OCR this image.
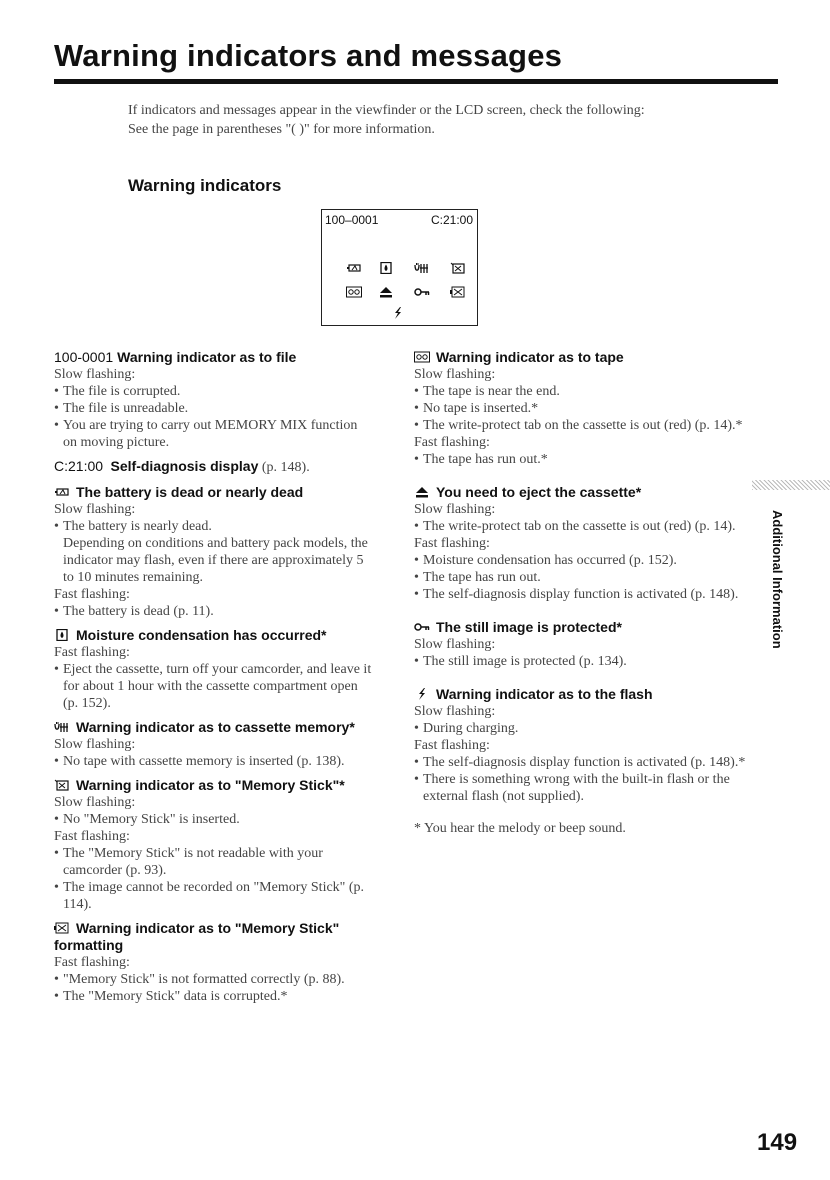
Warning indicators and messages

If indicators and messages appear in the viewfinder or the LCD screen, check the following:

See the page in parentheses "( )" for more information.

Warning indicators
100–0001	C:21:00
100-0001 Warning indicator as to file

Slow flashing:

• The file is corrupted.
• The file is unreadable.
• You are trying to carry out MEMORY MIX function on moving picture.
C:21:00 Self-diagnosis display (p. 148).
The battery is dead or nearly dead

Slow flashing:

• The battery is nearly dead.
Depending on conditions and battery pack models, the indicator may flash, even if there are approximately 5 to 10 minutes remaining.

Fast flashing:

• The battery is dead (p. 11).
Moisture condensation has occurred*

Fast flashing:

• Eject the cassette, turn off your camcorder, and leave it for about 1 hour with the cassette compartment open (p. 152).
Warning indicator as to cassette memory*

Slow flashing:

• No tape with cassette memory is inserted (p. 138).
Warning indicator as to "Memory Stick"*

Slow flashing:

• No "Memory Stick" is inserted.

Fast flashing:

• The "Memory Stick" is not readable with your camcorder (p. 93).
• The image cannot be recorded on "Memory Stick" (p. 114).
Warning indicator as to "Memory Stick" formatting

Fast flashing:

• "Memory Stick" is not formatted correctly (p. 88).
• The "Memory Stick" data is corrupted.*
Warning indicator as to tape

Slow flashing:

• The tape is near the end.
• No tape is inserted.*
• The write-protect tab on the cassette is out (red) (p. 14).*

Fast flashing:

• The tape has run out.*
You need to eject the cassette*

Slow flashing:

• The write-protect tab on the cassette is out (red) (p. 14).

Fast flashing:

• Moisture condensation has occurred (p. 152).
• The tape has run out.
• The self-diagnosis display function is activated (p. 148).
The still image is protected*

Slow flashing:

• The still image is protected (p. 134).
Warning indicator as to the flash

Slow flashing:

• During charging.

Fast flashing:

• The self-diagnosis display function is activated (p. 148).*
• There is something wrong with the built-in flash or the external flash (not supplied).

* You hear the melody or beep sound.

Additional Information
149
